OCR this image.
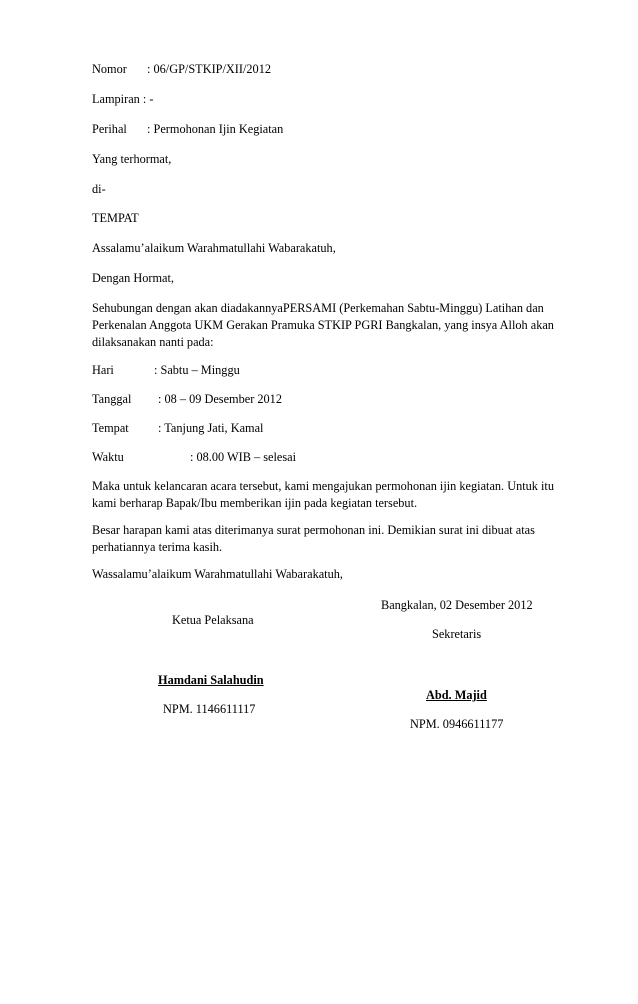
Nomor : 06/GP/STKIP/XII/2012

Lampiran : -

Perihal : Permohonan Ijin Kegiatan

Yang terhormat,

di-

TEMPAT

Assalamu’alaikum Warahmatullahi Wabarakatuh,

Dengan Hormat,

Sehubungan dengan akan diadakannyaPERSAMI (Perkemahan Sabtu-Minggu) Latihan dan

Perkenalan Anggota UKM Gerakan Pramuka STKIP PGRI Bangkalan, yang insya Alloh akan

dilaksanakan nanti pada:

Hari	: Sabtu – Minggu

Tanggal : 08 – 09 Desember 2012

Tempat : Tanjung Jati, Kamal

Waktu	: 08.00 WIB – selesai

Maka untuk kelancaran acara tersebut, kami mengajukan permohonan ijin kegiatan. Untuk itu

kami berharap Bapak/Ibu memberikan ijin pada kegiatan tersebut.

Besar harapan kami atas diterimanya surat permohonan ini. Demikian surat ini dibuat atas

perhatiannya terima kasih.

Wassalamu’alaikum Warahmatullahi Wabarakatuh,

Bangkalan, 02 Desember 2012

Ketua Pelaksana

Sekretaris

Hamdani Salahudin

Abd. Majid

NPM. 1146611117

NPM. 0946611177
